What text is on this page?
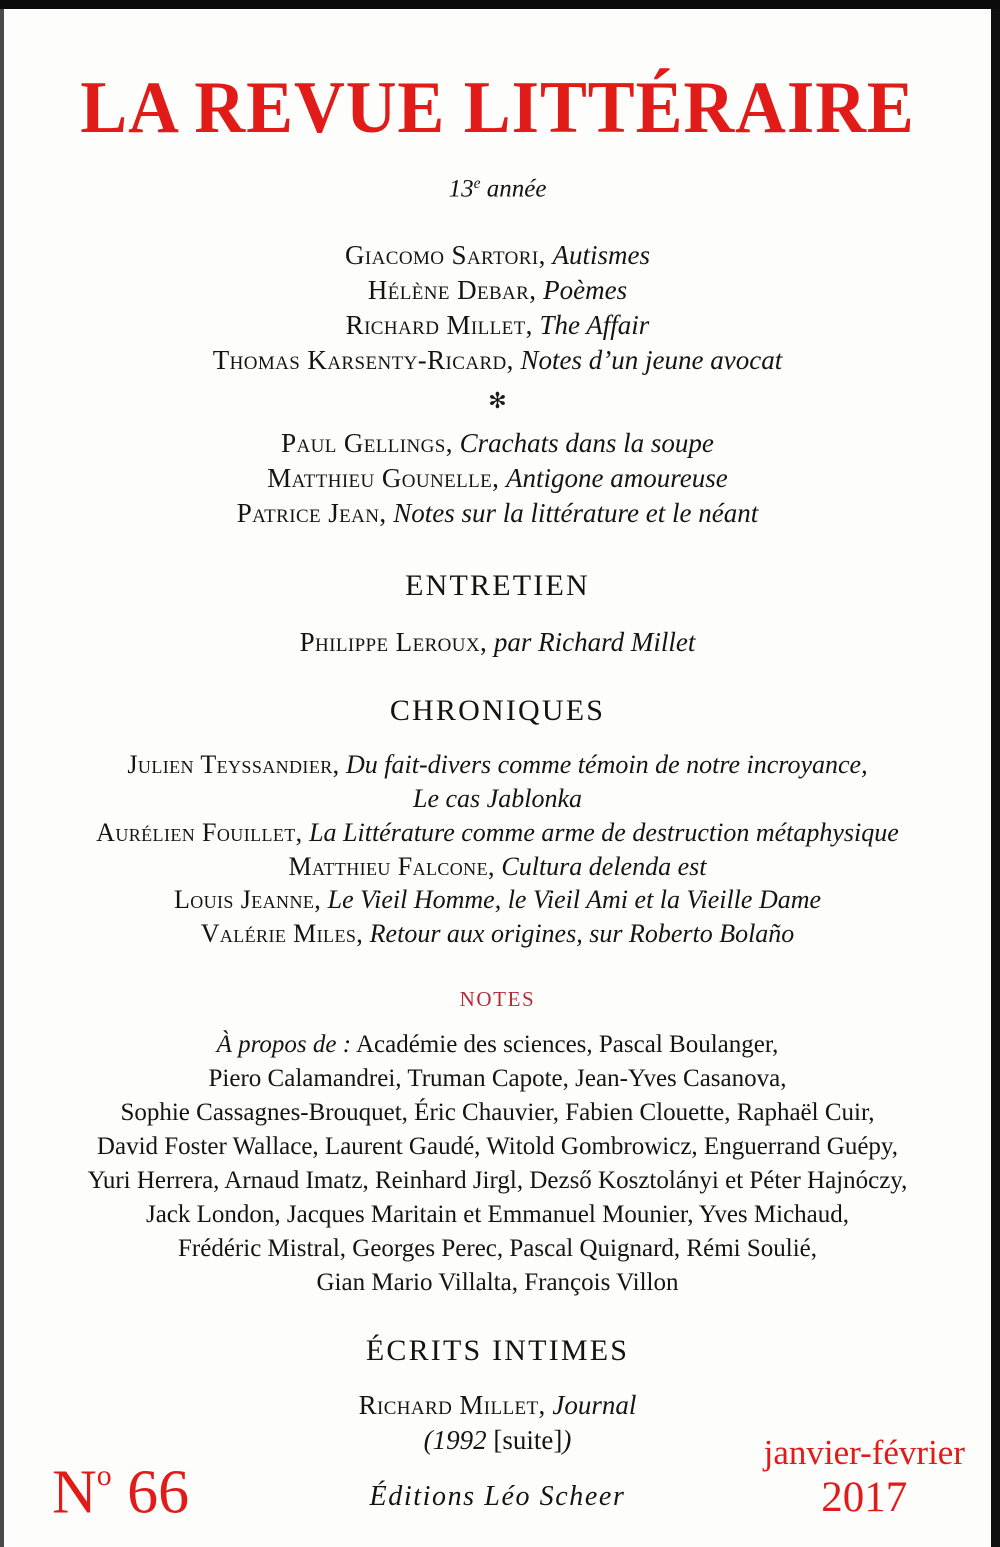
LA REVUE LITTÉRAIRE
13e année
Giacomo Sartori, Autismes
Hélène Debar, Poèmes
Richard Millet, The Affair
Thomas Karsenty-Ricard, Notes d’un jeune avocat
✻
Paul Gellings, Crachats dans la soupe
Matthieu Gounelle, Antigone amoureuse
Patrice Jean, Notes sur la littérature et le néant
ENTRETIEN
Philippe Leroux, par Richard Millet
CHRONIQUES
Julien Teyssandier, Du fait-divers comme témoin de notre incroyance,
Le cas Jablonka
Aurélien Fouillet, La Littérature comme arme de destruction métaphysique
Matthieu Falcone, Cultura delenda est
Louis Jeanne, Le Vieil Homme, le Vieil Ami et la Vieille Dame
Valérie Miles, Retour aux origines, sur Roberto Bolaño
NOTES
À propos de : Académie des sciences, Pascal Boulanger,
Piero Calamandrei, Truman Capote, Jean-Yves Casanova,
Sophie Cassagnes-Brouquet, Éric Chauvier, Fabien Clouette, Raphaël Cuir,
David Foster Wallace, Laurent Gaudé, Witold Gombrowicz, Enguerrand Guépy,
Yuri Herrera, Arnaud Imatz, Reinhard Jirgl, Dezső Kosztolányi et Péter Hajnóczy,
Jack London, Jacques Maritain et Emmanuel Mounier, Yves Michaud,
Frédéric Mistral, Georges Perec, Pascal Quignard, Rémi Soulié,
Gian Mario Villalta, François Villon
ÉCRITS INTIMES
Richard Millet, Journal
(1992 [suite])
$N^o$ 66	Éditions Léo Scheer
janvier-février
2017
